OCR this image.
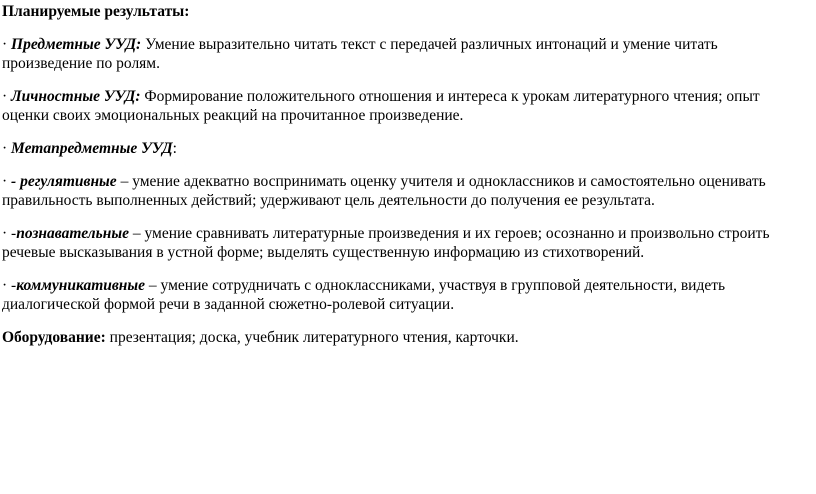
Планируемые результаты:
· Предметные УУД: Умение выразительно читать текст с передачей различных интонаций и умение читать произведение по ролям.
· Личностные УУД: Формирование положительного отношения и интереса к урокам литературного чтения; опыт оценки своих эмоциональных реакций на прочитанное произведение.
· Метапредметные УУД:
· - регулятивные – умение адекватно воспринимать оценку учителя и одноклассников и самостоятельно оценивать правильность выполненных действий; удерживают цель деятельности до получения ее результата.
· -познавательные – умение сравнивать литературные произведения и их героев; осознанно и произвольно строить речевые высказывания в устной форме; выделять существенную информацию из стихотворений.
· -коммуникативные – умение сотрудничать с одноклассниками, участвуя в групповой деятельности, видеть диалогической формой речи в заданной сюжетно-ролевой ситуации.
Оборудование: презентация; доска, учебник литературного чтения, карточки.
